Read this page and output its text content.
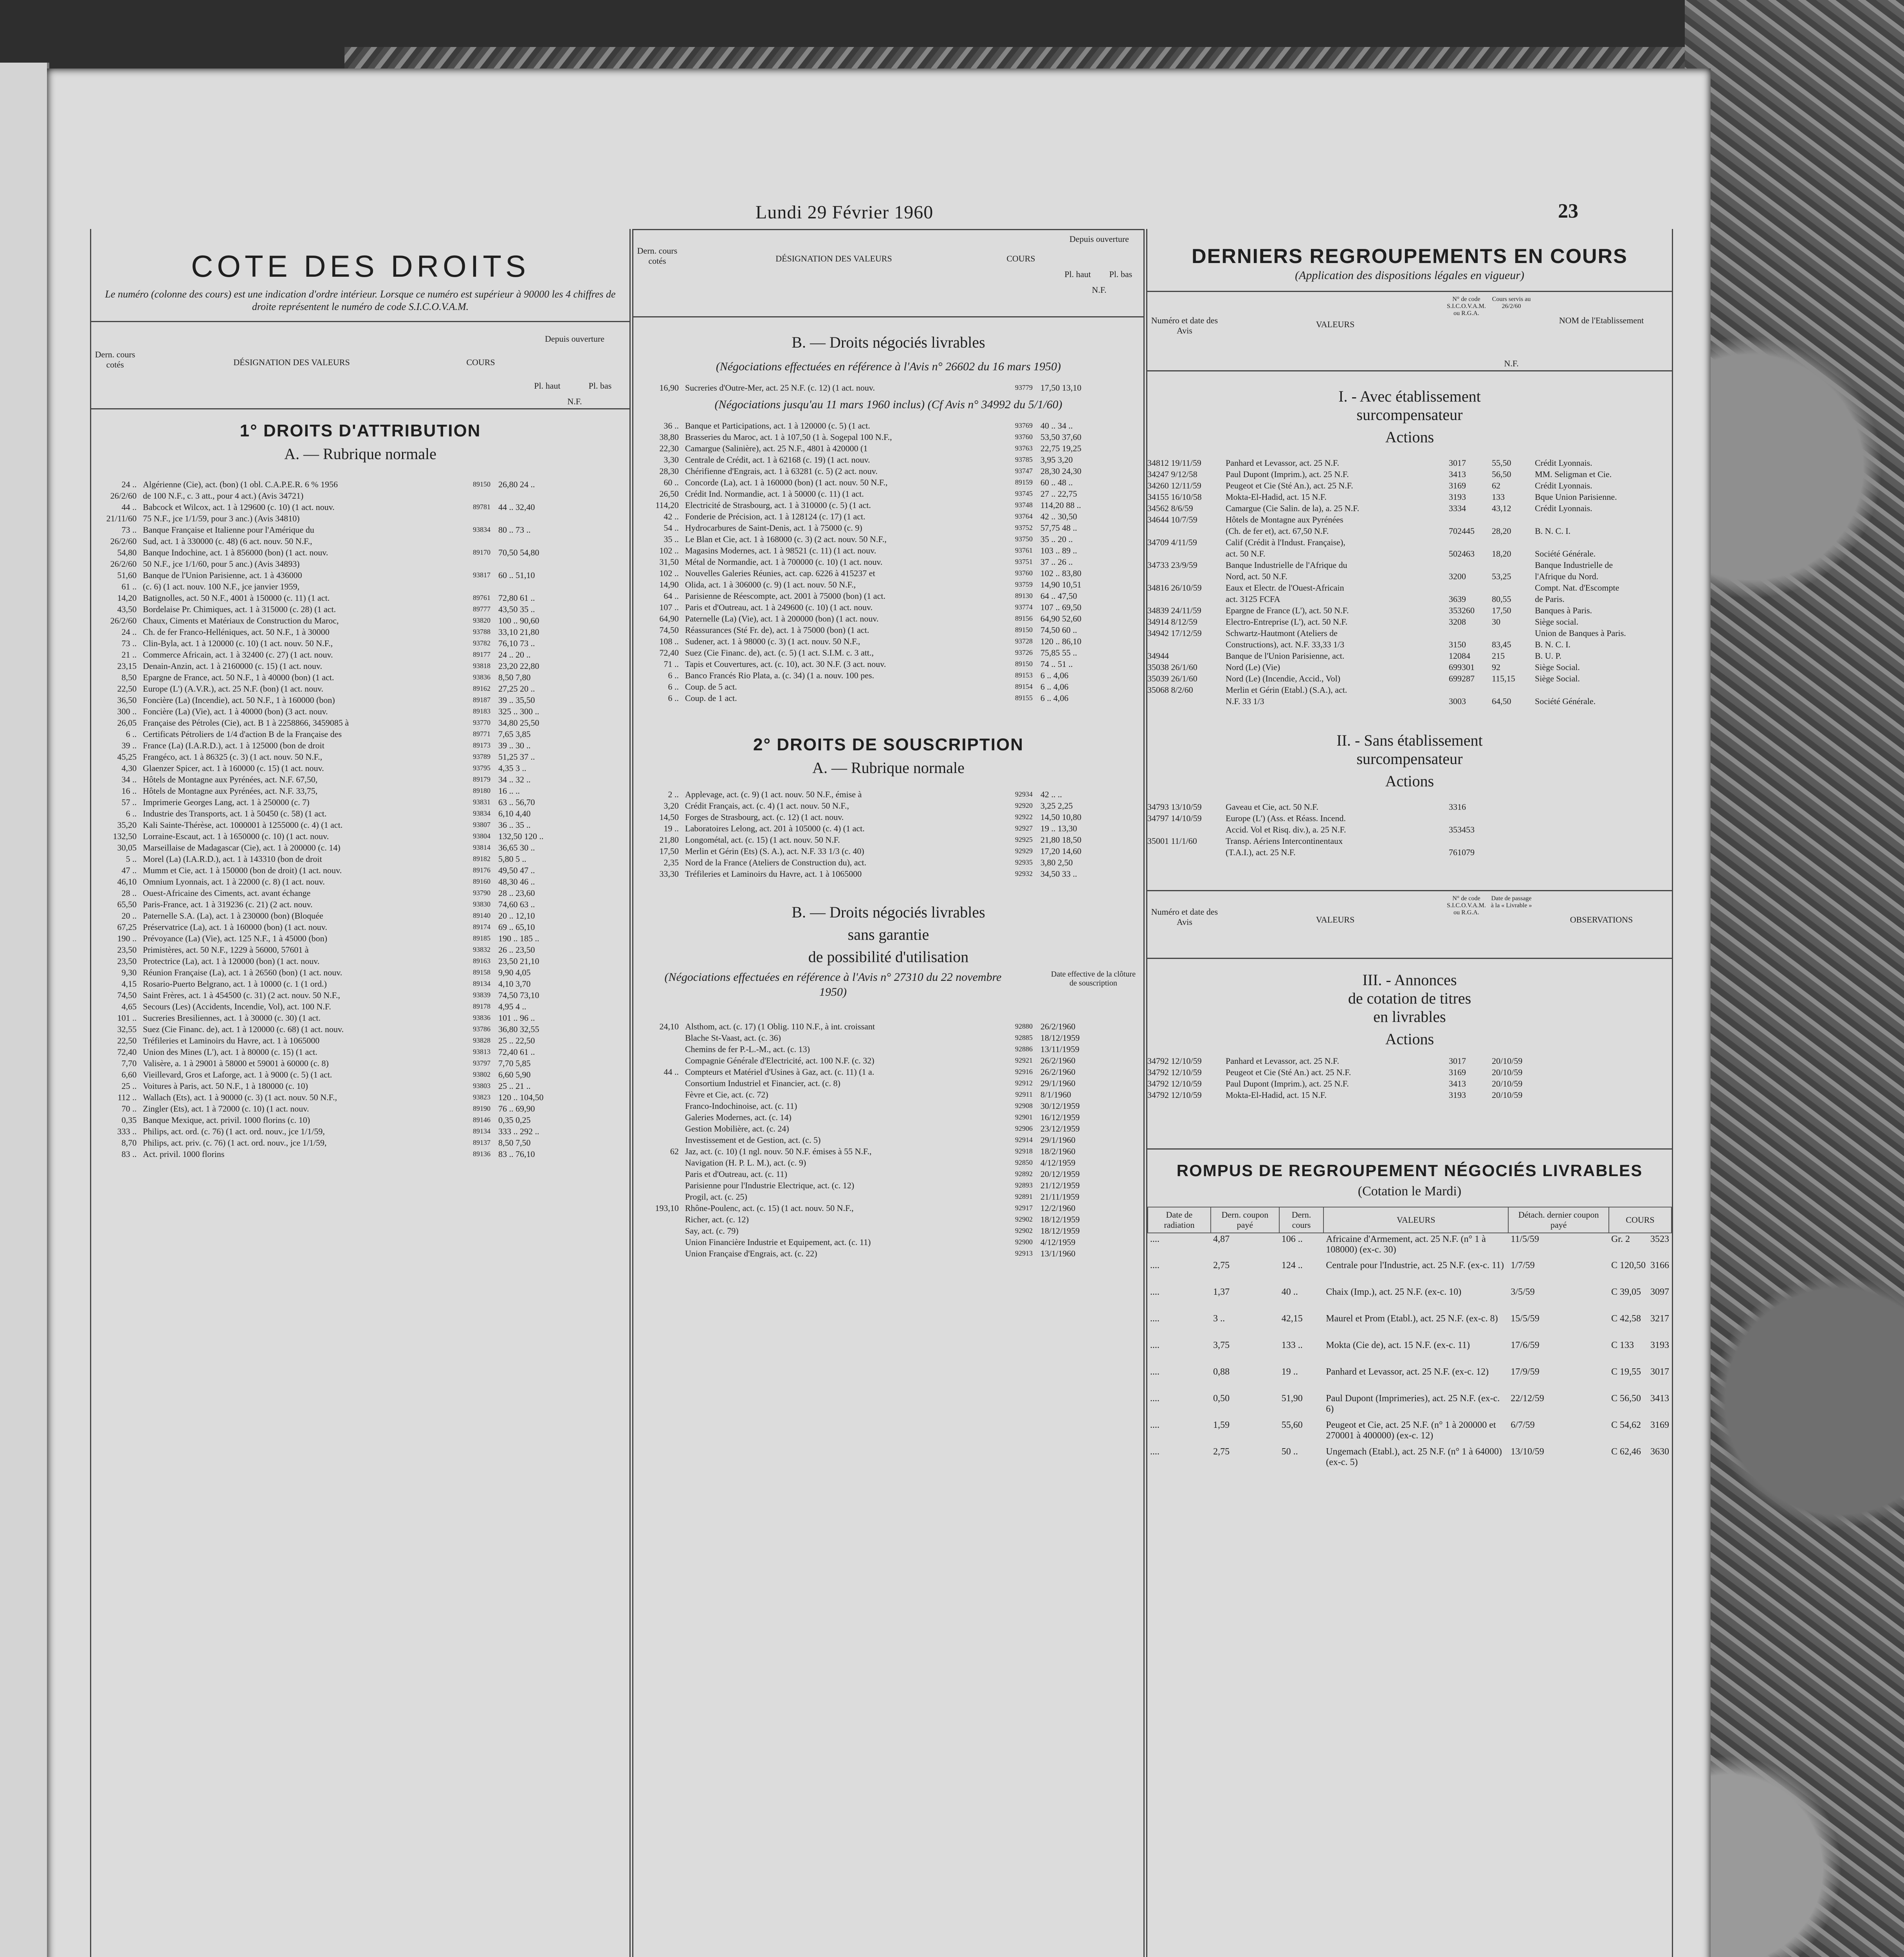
Lundi 29 Février 1960	23
COTE DES DROITS
Le numéro (colonne des cours) est une indication d'ordre intérieur. Lorsque ce numéro est supérieur à 90000 les 4 chiffres de droite représentent le numéro de code S.I.C.O.V.A.M.
Dern. cours cotés	DÉSIGNATION DES VALEURS	COURS
Depuis ouverture
Pl. haut	Pl. bas
N.F.
1° DROITS D'ATTRIBUTION
A. — Rubrique normale
24 .. Algérienne (Cie), act. (bon) (1 obl. C.A.P.E.R. 6 % 1956	89150 26,80 24 ..
26/2/60 de 100 N.F., c. 3 att., pour 4 act.) (Avis 34721)
44 .. Babcock et Wilcox, act. 1 à 129600 (c. 10) (1 act. nouv.	89781 44 .. 32,40
21/11/60 75 N.F., jce 1/1/59, pour 3 anc.) (Avis 34810)
73 .. Banque Française et Italienne pour l'Amérique du	93834 80 .. 73 ..
26/2/60 Sud, act. 1 à 330000 (c. 48) (6 act. nouv. 50 N.F.,
54,80 Banque Indochine, act. 1 à 856000 (bon) (1 act. nouv.	89170 70,50 54,80
26/2/60 50 N.F., jce 1/1/60, pour 5 anc.) (Avis 34893)
51,60 Banque de l'Union Parisienne, act. 1 à 436000	93817 60 .. 51,10
61 .. (c. 6) (1 act. nouv. 100 N.F., jce janvier 1959,
14,20 Batignolles, act. 50 N.F., 4001 à 150000 (c. 11) (1 act.	89761 72,80 61 ..
43,50 Bordelaise Pr. Chimiques, act. 1 à 315000 (c. 28) (1 act.	89777 43,50 35 ..
26/2/60 Chaux, Ciments et Matériaux de Construction du Maroc,	93820 100 .. 90,60
24 .. Ch. de fer Franco-Helléniques, act. 50 N.F., 1 à 30000	93788 33,10 21,80
73 .. Clin-Byla, act. 1 à 120000 (c. 10) (1 act. nouv. 50 N.F.,	93782 76,10 73 ..
21 .. Commerce Africain, act. 1 à 32400 (c. 27) (1 act. nouv.	89177 24 .. 20 ..
23,15 Denain-Anzin, act. 1 à 2160000 (c. 15) (1 act. nouv.	93818 23,20 22,80
8,50 Epargne de France, act. 50 N.F., 1 à 40000 (bon) (1 act.	93836 8,50 7,80
22,50 Europe (L') (A.V.R.), act. 25 N.F. (bon) (1 act. nouv.	89162 27,25 20 ..
36,50 Foncière (La) (Incendie), act. 50 N.F., 1 à 160000 (bon)	89187 39 .. 35,50
300 .. Foncière (La) (Vie), act. 1 à 40000 (bon) (3 act. nouv.	89183 325 .. 300 ..
26,05 Française des Pétroles (Cie), act. B 1 à 2258866, 3459085 à	93770 34,80 25,50
6 .. Certificats Pétroliers de 1/4 d'action B de la Française des	89771 7,65 3,85
39 .. France (La) (I.A.R.D.), act. 1 à 125000 (bon de droit	89173 39 .. 30 ..
45,25 Frangéco, act. 1 à 86325 (c. 3) (1 act. nouv. 50 N.F.,	93789 51,25 37 ..
4,30 Glaenzer Spicer, act. 1 à 160000 (c. 15) (1 act. nouv.	93795 4,35 3 ..
34 .. Hôtels de Montagne aux Pyrénées, act. N.F. 67,50,	89179 34 .. 32 ..
16 .. Hôtels de Montagne aux Pyrénées, act. N.F. 33,75,	89180 16 .. ..
57 .. Imprimerie Georges Lang, act. 1 à 250000 (c. 7)	93831 63 .. 56,70
6 .. Industrie des Transports, act. 1 à 50450 (c. 58) (1 act.	93834 6,10 4,40
35,20 Kali Sainte-Thérèse, act. 1000001 à 1255000 (c. 4) (1 act.	93807 36 .. 35 ..
132,50 Lorraine-Escaut, act. 1 à 1650000 (c. 10) (1 act. nouv.	93804 132,50 120 ..
30,05 Marseillaise de Madagascar (Cie), act. 1 à 200000 (c. 14)	93814 36,65 30 ..
5 .. Morel (La) (I.A.R.D.), act. 1 à 143310 (bon de droit	89182 5,80 5 ..
47 .. Mumm et Cie, act. 1 à 150000 (bon de droit) (1 act. nouv.	89176 49,50 47 ..
46,10 Omnium Lyonnais, act. 1 à 22000 (c. 8) (1 act. nouv.	89160 48,30 46 ..
28 .. Ouest-Africaine des Ciments, act. avant échange	93790 28 .. 23,60
65,50 Paris-France, act. 1 à 319236 (c. 21) (2 act. nouv.	93830 74,60 63 ..
20 .. Paternelle S.A. (La), act. 1 à 230000 (bon) (Bloquée	89140 20 .. 12,10
67,25 Préservatrice (La), act. 1 à 160000 (bon) (1 act. nouv.	89174 69 .. 65,10
190 .. Prévoyance (La) (Vie), act. 125 N.F., 1 à 45000 (bon)	89185 190 .. 185 ..
23,50 Primistères, act. 50 N.F., 1229 à 56000, 57601 à	93832 26 .. 23,50
23,50 Protectrice (La), act. 1 à 120000 (bon) (1 act. nouv.	89163 23,50 21,10
9,30 Réunion Française (La), act. 1 à 26560 (bon) (1 act. nouv.	89158 9,90 4,05
4,15 Rosario-Puerto Belgrano, act. 1 à 10000 (c. 1 (1 ord.)	89134 4,10 3,70
74,50 Saint Frères, act. 1 à 454500 (c. 31) (2 act. nouv. 50 N.F.,	93839 74,50 73,10
4,65 Secours (Les) (Accidents, Incendie, Vol), act. 100 N.F.	89178 4,95 4 ..
101 .. Sucreries Bresiliennes, act. 1 à 30000 (c. 30) (1 act.	93836 101 .. 96 ..
32,55 Suez (Cie Financ. de), act. 1 à 120000 (c. 68) (1 act. nouv.	93786 36,80 32,55
22,50 Tréfileries et Laminoirs du Havre, act. 1 à 1065000	93828 25 .. 22,50
72,40 Union des Mines (L'), act. 1 à 80000 (c. 15) (1 act.	93813 72,40 61 ..
7,70 Valisère, a. 1 à 29001 à 58000 et 59001 à 60000 (c. 8)	93797 7,70 5,85
6,60 Vieillevard, Gros et Laforge, act. 1 à 9000 (c. 5) (1 act.	93802 6,60 5,90
25 .. Voitures à Paris, act. 50 N.F., 1 à 180000 (c. 10)	93803 25 .. 21 ..
112 .. Wallach (Ets), act. 1 à 90000 (c. 3) (1 act. nouv. 50 N.F.,	93823 120 .. 104,50
70 .. Zingler (Ets), act. 1 à 72000 (c. 10) (1 act. nouv.	89190 76 .. 69,90
0,35 Banque Mexique, act. privil. 1000 florins (c. 10)	89146 0,35 0,25
333 .. Philips, act. ord. (c. 76) (1 act. ord. nouv., jce 1/1/59,	89134 333 .. 292 ..
8,70 Philips, act. priv. (c. 76) (1 act. ord. nouv., jce 1/1/59,	89137 8,50 7,50
83 .. Act. privil. 1000 florins	89136 83 .. 76,10
Dern. cours cotés	DÉSIGNATION DES VALEURS	COURS
Depuis ouverture
Pl. haut	Pl. bas
N.F.
B. — Droits négociés livrables
(Négociations effectuées en référence à l'Avis n° 26602 du 16 mars 1950)
16,90 Sucreries d'Outre-Mer, act. 25 N.F. (c. 12) (1 act. nouv.	93779 17,50 13,10
(Négociations jusqu'au 11 mars 1960 inclus) (Cf Avis n° 34992 du 5/1/60)
36 .. Banque et Participations, act. 1 à 120000 (c. 5) (1 act.	93769 40 .. 34 ..
38,80 Brasseries du Maroc, act. 1 à 107,50 (1 à. Sogepal 100 N.F.,	93760 53,50 37,60
22,30 Camargue (Salinière), act. 25 N.F., 4801 à 420000 (1	93763 22,75 19,25
3,30 Centrale de Crédit, act. 1 à 62168 (c. 19) (1 act. nouv.	93785 3,95 3,20
28,30 Chérifienne d'Engrais, act. 1 à 63281 (c. 5) (2 act. nouv.	93747 28,30 24,30
60 .. Concorde (La), act. 1 à 160000 (bon) (1 act. nouv. 50 N.F.,	89159 60 .. 48 ..
26,50 Crédit Ind. Normandie, act. 1 à 50000 (c. 11) (1 act.	93745 27 .. 22,75
114,20 Electricité de Strasbourg, act. 1 à 310000 (c. 5) (1 act.	93748 114,20 88 ..
42 .. Fonderie de Précision, act. 1 à 128124 (c. 17) (1 act.	93764 42 .. 30,50
54 .. Hydrocarbures de Saint-Denis, act. 1 à 75000 (c. 9)	93752 57,75 48 ..
35 .. Le Blan et Cie, act. 1 à 168000 (c. 3) (2 act. nouv. 50 N.F.,	93750 35 .. 20 ..
102 .. Magasins Modernes, act. 1 à 98521 (c. 11) (1 act. nouv.	93761 103 .. 89 ..
31,50 Métal de Normandie, act. 1 à 700000 (c. 10) (1 act. nouv.	93751 37 .. 26 ..
102 .. Nouvelles Galeries Réunies, act. cap. 6226 à 415237 et	93760 102 .. 83,80
14,90 Olida, act. 1 à 306000 (c. 9) (1 act. nouv. 50 N.F.,	93759 14,90 10,51
64 .. Parisienne de Réescompte, act. 2001 à 75000 (bon) (1 act.	89130 64 .. 47,50
107 .. Paris et d'Outreau, act. 1 à 249600 (c. 10) (1 act. nouv.	93774 107 .. 69,50
64,90 Paternelle (La) (Vie), act. 1 à 200000 (bon) (1 act. nouv.	89156 64,90 52,60
74,50 Réassurances (Sté Fr. de), act. 1 à 75000 (bon) (1 act.	89150 74,50 60 ..
108 .. Sudener, act. 1 à 98000 (c. 3) (1 act. nouv. 50 N.F.,	93728 120 .. 86,10
72,40 Suez (Cie Financ. de), act. (c. 5) (1 act. S.I.M. c. 3 att.,	93726 75,85 55 ..
71 .. Tapis et Couvertures, act. (c. 10), act. 30 N.F. (3 act. nouv.	89150 74 .. 51 ..
6 .. Banco Francés Rio Plata, a. (c. 34) (1 a. nouv. 100 pes.	89153 6 .. 4,06
6 .. Coup. de 5 act.	89154 6 .. 4,06
6 .. Coup. de 1 act.	89155 6 .. 4,06
2° DROITS DE SOUSCRIPTION
A. — Rubrique normale
2 .. Applevage, act. (c. 9) (1 act. nouv. 50 N.F., émise à	92934 42 .. ..
3,20 Crédit Français, act. (c. 4) (1 act. nouv. 50 N.F.,	92920 3,25 2,25
14,50 Forges de Strasbourg, act. (c. 12) (1 act. nouv.	92922 14,50 10,80
19 .. Laboratoires Lelong, act. 201 à 105000 (c. 4) (1 act.	92927 19 .. 13,30
21,80 Longométal, act. (c. 15) (1 act. nouv. 50 N.F.	92925 21,80 18,50
17,50 Merlin et Gérin (Ets) (S. A.), act. N.F. 33 1/3 (c. 40)	92929 17,20 14,60
2,35 Nord de la France (Ateliers de Construction du), act.	92935 3,80 2,50
33,30 Tréfileries et Laminoirs du Havre, act. 1 à 1065000	92932 34,50 33 ..
B. — Droits négociés livrables
sans garantie
de possibilité d'utilisation
(Négociations effectuées en référence à l'Avis n° 27310 du 22 novembre 1950)
Date effective de la clôture de souscription
24,10 Alsthom, act. (c. 17) (1 Oblig. 110 N.F., à int. croissant	92880 26/2/1960
Blache St-Vaast, act. (c. 36)	92885 18/12/1959
Chemins de fer P.-L.-M., act. (c. 13)	92886 13/11/1959
Compagnie Générale d'Electricité, act. 100 N.F. (c. 32)	92921 26/2/1960
44 .. Compteurs et Matériel d'Usines à Gaz, act. (c. 11) (1 a.	92916 26/2/1960
Consortium Industriel et Financier, act. (c. 8)	92912 29/1/1960
Fèvre et Cie, act. (c. 72)	92911 8/1/1960
Franco-Indochinoise, act. (c. 11)	92908 30/12/1959
Galeries Modernes, act. (c. 14)	92901 16/12/1959
Gestion Mobilière, act. (c. 24)	92906 23/12/1959
Investissement et de Gestion, act. (c. 5)	92914 29/1/1960
62 Jaz, act. (c. 10) (1 ngl. nouv. 50 N.F. émises à 55 N.F.,	92918 18/2/1960
Navigation (H. P. L. M.), act. (c. 9)	92850 4/12/1959
Paris et d'Outreau, act. (c. 11)	92892 20/12/1959
Parisienne pour l'Industrie Electrique, act. (c. 12)	92893 21/12/1959
Progil, act. (c. 25)	92891 21/11/1959
193,10 Rhône-Poulenc, act. (c. 15) (1 act. nouv. 50 N.F.,	92917 12/2/1960
Richer, act. (c. 12)	92902 18/12/1959
Say, act. (c. 79)	92902 18/12/1959
Union Financière Industrie et Equipement, act. (c. 11)	92900 4/12/1959
Union Française d'Engrais, act. (c. 22)	92913 13/1/1960
DERNIERS REGROUPEMENTS EN COURS
(Application des dispositions légales en vigueur)
Numéro et date des Avis
VALEURS
N° de code S.I.C.O.V.A.M. ou R.G.A.
Cours servis au 26/2/60
NOM de l'Etablissement
N.F.
I. - Avec établissement
surcompensateur
Actions
34812 19/11/59	Panhard et Levassor, act. 25 N.F.	3017	55,50	Crédit Lyonnais.
34247 9/12/58	Paul Dupont (Imprim.), act. 25 N.F.	3413	56,50	MM. Seligman et Cie.
34260 12/11/59	Peugeot et Cie (Sté An.), act. 25 N.F.	3169	62	Crédit Lyonnais.
34155 16/10/58	Mokta-El-Hadid, act. 15 N.F.	3193	133	Bque Union Parisienne.
34562 8/6/59	Camargue (Cie Salin. de la), a. 25 N.F.	3334	43,12	Crédit Lyonnais.
34644 10/7/59	Hôtels de Montagne aux Pyrénées
(Ch. de fer et), act. 67,50 N.F.	702445	28,20	B. N. C. I.
34709 4/11/59	Calif (Crédit à l'Indust. Française),
act. 50 N.F.	502463	18,20	Société Générale.
34733 23/9/59	Banque Industrielle de l'Afrique du	Banque Industrielle de
Nord, act. 50 N.F.	3200	53,25	l'Afrique du Nord.
34816 26/10/59	Eaux et Electr. de l'Ouest-Africain	Compt. Nat. d'Escompte
act. 3125 FCFA	3639	80,55	de Paris.
34839 24/11/59	Epargne de France (L'), act. 50 N.F.	353260	17,50	Banques à Paris.
34914 8/12/59	Electro-Entreprise (L'), act. 50 N.F.	3208	30	Siège social.
34942 17/12/59	Schwartz-Hautmont (Ateliers de	Union de Banques à Paris.
Constructions), act. N.F. 33,33 1/3	3150	83,45	B. N. C. I.
34944	Banque de l'Union Parisienne, act.	12084	215	B. U. P.
35038 26/1/60	Nord (Le) (Vie)	699301	92	Siège Social.
35039 26/1/60	Nord (Le) (Incendie, Accid., Vol)	699287	115,15	Siège Social.
35068 8/2/60	Merlin et Gérin (Etabl.) (S.A.), act.
N.F. 33 1/3	3003	64,50	Société Générale.
II. - Sans établissement
surcompensateur
Actions
34793 13/10/59	Gaveau et Cie, act. 50 N.F.	3316
34797 14/10/59	Europe (L') (Ass. et Réass. Incend.
Accid. Vol et Risq. div.), a. 25 N.F.	353453
35001 11/1/60	Transp. Aériens Intercontinentaux
(T.A.I.), act. 25 N.F.	761079
Numéro et date des Avis	VALEURS
N° de code S.I.C.O.V.A.M. ou R.G.A.
Date de passage à la « Livrable »
OBSERVATIONS
III. - Annonces
de cotation de titres
en livrables
Actions
34792 12/10/59	Panhard et Levassor, act. 25 N.F.	3017	20/10/59
34792 12/10/59	Peugeot et Cie (Sté An.) act. 25 N.F.	3169	20/10/59
34792 12/10/59	Paul Dupont (Imprim.), act. 25 N.F.	3413	20/10/59
34792 12/10/59	Mokta-El-Hadid, act. 15 N.F.	3193	20/10/59
ROMPUS DE REGROUPEMENT NÉGOCIÉS LIVRABLES
(Cotation le Mardi)
Date de radiation	Dern. coupon payé	Dern. cours	VALEURS	Détach. dernier coupon payé	COURS	
....	4,87	106 ..	Africaine d'Armement, act. 25 N.F. (n° 1 à 108000) (ex-c. 30)	11/5/59	Gr. 2	3523
....	2,75	124 ..	Centrale pour l'Industrie, act. 25 N.F. (ex-c. 11)	1/7/59	C 120,50	3166
....	1,37	40 ..	Chaix (Imp.), act. 25 N.F. (ex-c. 10)	3/5/59	C 39,05	3097
....	3 ..	42,15	Maurel et Prom (Etabl.), act. 25 N.F. (ex-c. 8)	15/5/59	C 42,58	3217
....	3,75	133 ..	Mokta (Cie de), act. 15 N.F. (ex-c. 11)	17/6/59	C 133	3193
....	0,88	19 ..	Panhard et Levassor, act. 25 N.F. (ex-c. 12)	17/9/59	C 19,55	3017
....	0,50	51,90	Paul Dupont (Imprimeries), act. 25 N.F. (ex-c. 6)	22/12/59	C 56,50	3413
....	1,59	55,60	Peugeot et Cie, act. 25 N.F. (n° 1 à 200000 et 270001 à 400000) (ex-c. 12)	6/7/59	C 54,62	3169
....	2,75	50 ..	Ungemach (Etabl.), act. 25 N.F. (n° 1 à 64000) (ex-c. 5)	13/10/59	C 62,46	3630
